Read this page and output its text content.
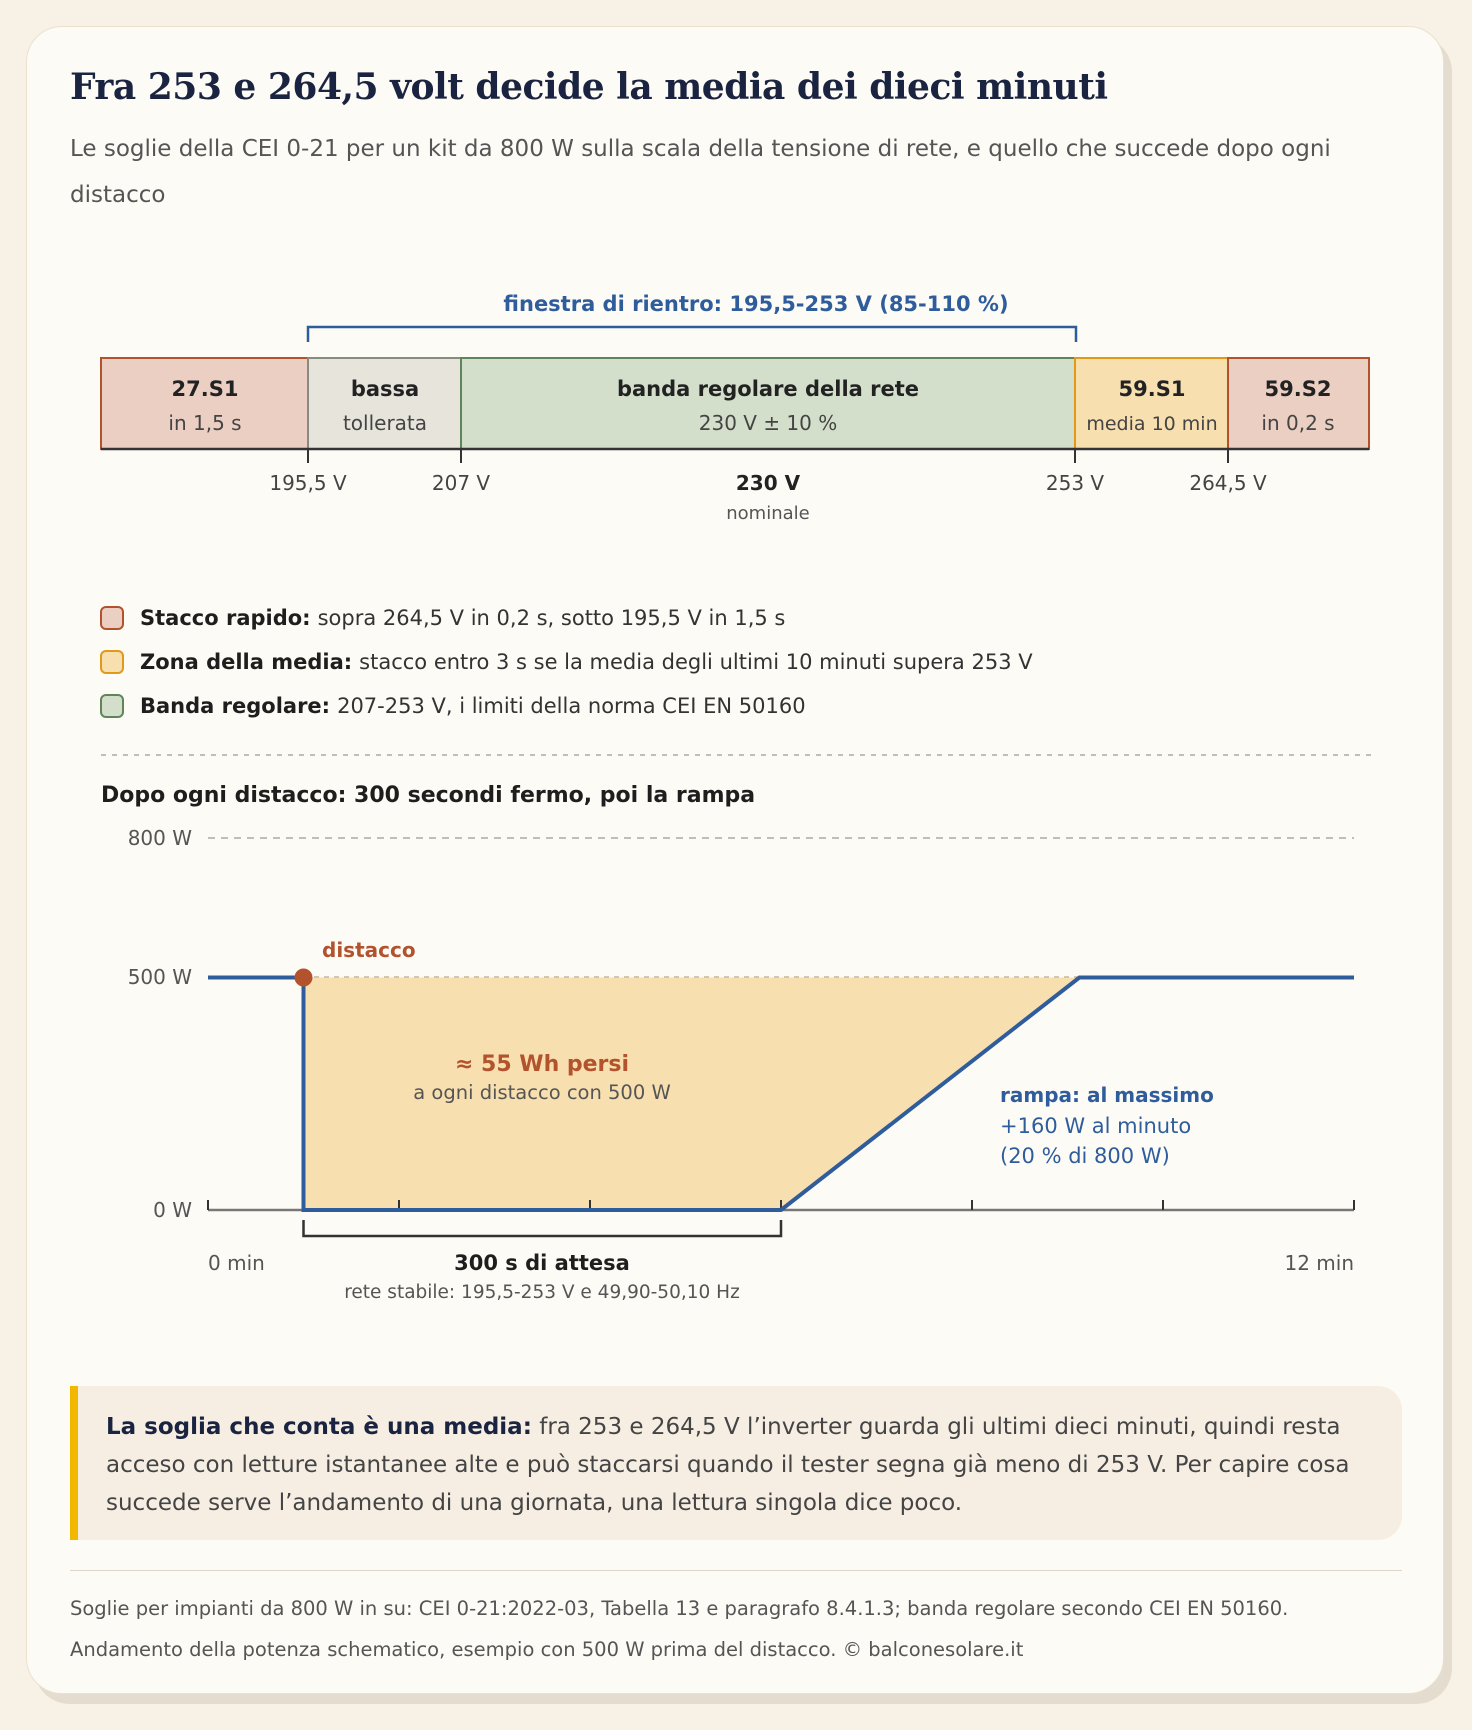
Fra 253 e 264,5 volt decide la media dei dieci minuti

Le soglie della CEI 0-21 per un kit da 800 W sulla scala della tensione di rete, e quello che succede dopo ogni distacco

finestra di rientro: 195,5-253 V (85-110 %)
27.S1
in 1,5 s
bassa
tollerata
banda regolare della rete
230 V ± 10 %
59.S1
media 10 min
59.S2
in 0,2 s
195,5 V	207 V	230 V
nominale
253 V	264,5 V
Stacco rapido: sopra 264,5 V in 0,2 s, sotto 195,5 V in 1,5 s
Zona della media: stacco entro 3 s se la media degli ultimi 10 minuti supera 253 V
Banda regolare: 207-253 V, i limiti della norma CEI EN 50160
Dopo ogni distacco: 300 secondi fermo, poi la rampa
800 W
500 W
0 W
distacco
≈ 55 Wh persi
a ogni distacco con 500 W	rampa: al massimo
+160 W al minuto
(20 % di 800 W)
0 min	12 min
300 s di attesa
rete stabile: 195,5-253 V e 49,90-50,10 Hz
La soglia che conta è una media: fra 253 e 264,5 V l’inverter guarda gli ultimi dieci minuti, quindi resta acceso con letture istantanee alte e può staccarsi quando il tester segna già meno di 253 V. Per capire cosa succede serve l’andamento di una giornata, una lettura singola dice poco.
Soglie per impianti da 800 W in su: CEI 0-21:2022-03, Tabella 13 e paragrafo 8.4.1.3; banda regolare secondo CEI EN 50160.
Andamento della potenza schematico, esempio con 500 W prima del distacco. © balconesolare.it
